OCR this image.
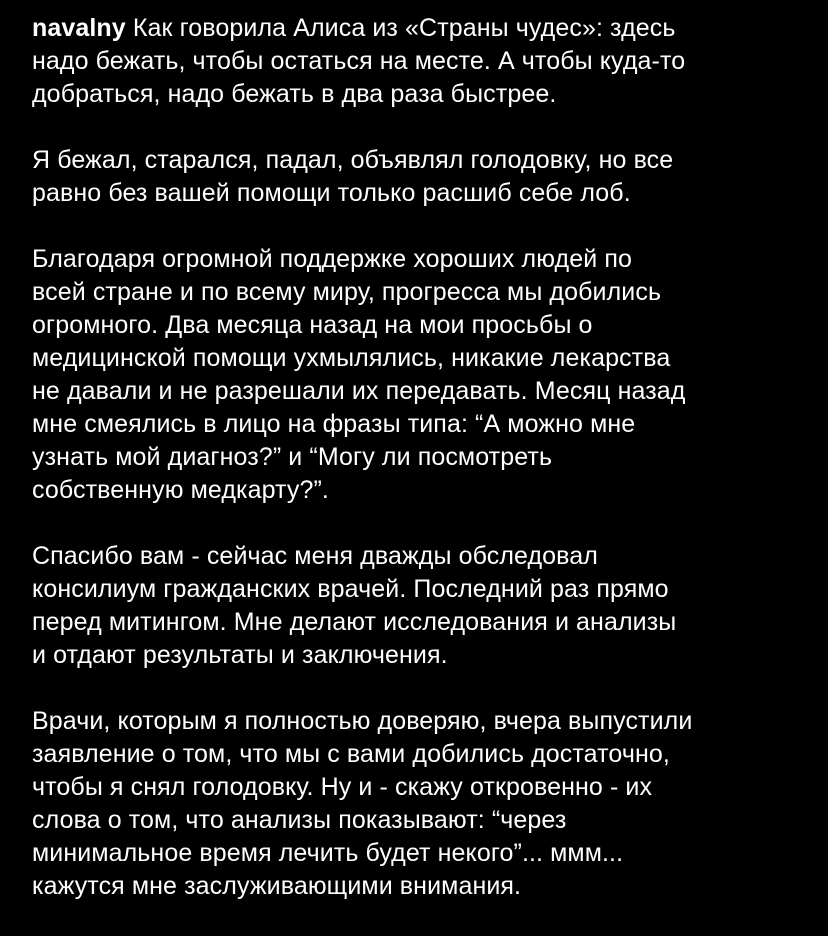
navalny Как говорила Алиса из «Страны чудес»: здесь
надо бежать, чтобы остаться на месте. А чтобы куда-то
добраться, надо бежать в два раза быстрее.

Я бежал, старался, падал, объявлял голодовку, но все
равно без вашей помощи только расшиб себе лоб.

Благодаря огромной поддержке хороших людей по
всей стране и по всему миру, прогресса мы добились
огромного. Два месяца назад на мои просьбы о
медицинской помощи ухмылялись, никакие лекарства
не давали и не разрешали их передавать. Месяц назад
мне смеялись в лицо на фразы типа: “А можно мне
узнать мой диагноз?” и “Могу ли посмотреть
собственную медкарту?”.

Спасибо вам - сейчас меня дважды обследовал
консилиум гражданских врачей. Последний раз прямо
перед митингом. Мне делают исследования и анализы
и отдают результаты и заключения.

Врачи, которым я полностью доверяю, вчера выпустили
заявление о том, что мы с вами добились достаточно,
чтобы я снял голодовку. Ну и - скажу откровенно - их
слова о том, что анализы показывают: “через
минимальное время лечить будет некого”... ммм...
кажутся мне заслуживающими внимания.
